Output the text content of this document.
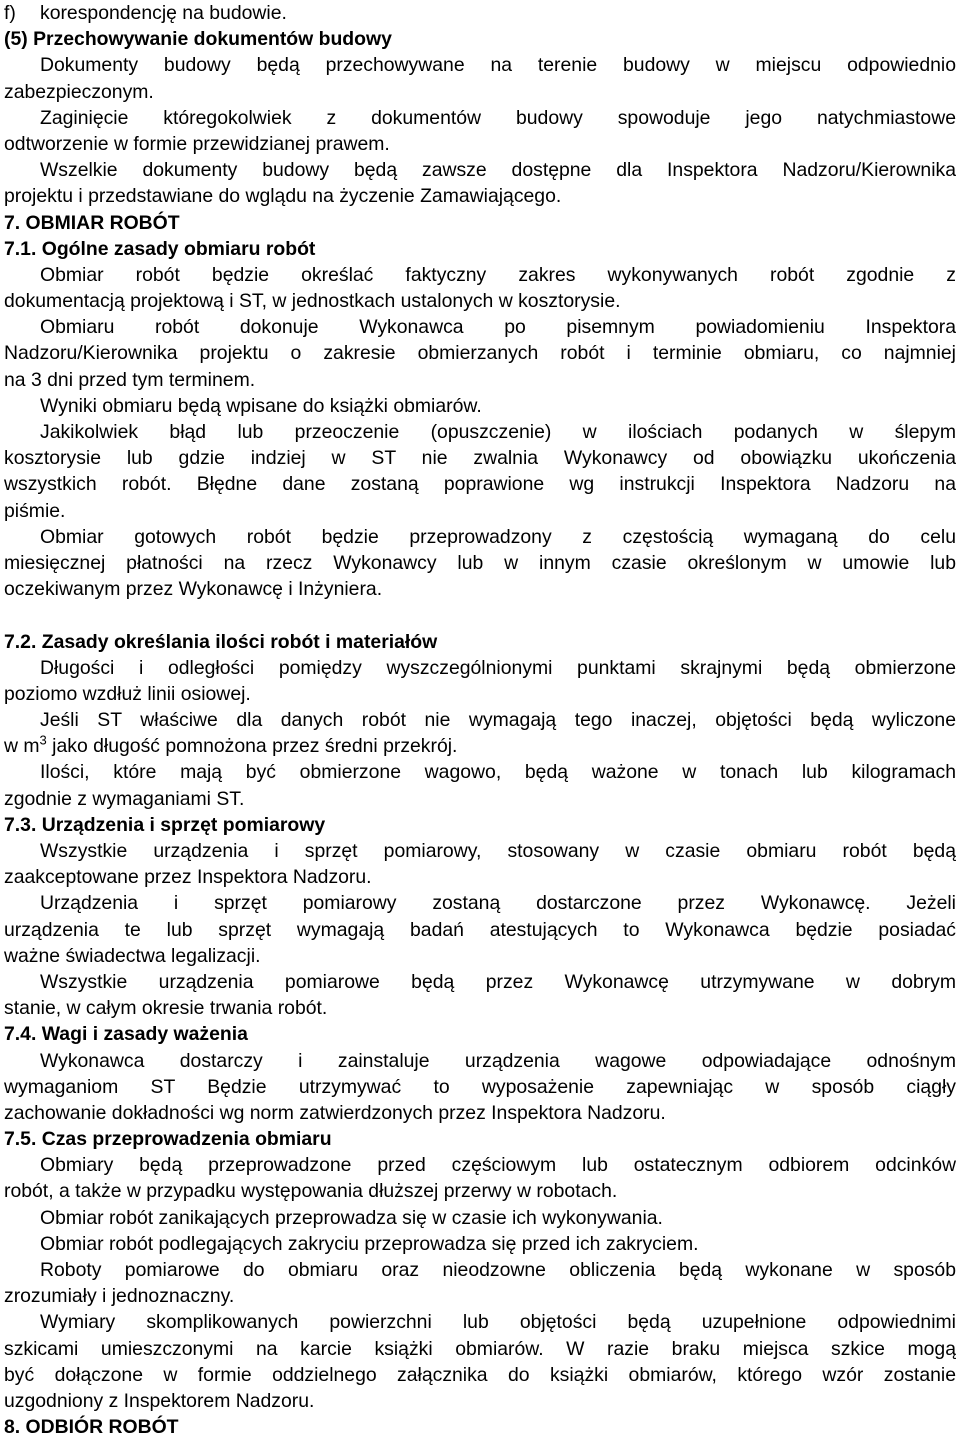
f) korespondencję na budowie.
(5) Przechowywanie dokumentów budowy
Dokumenty budowy będą przechowywane na terenie budowy w miejscu odpowiednio
zabezpieczonym.
Zaginięcie któregokolwiek z dokumentów budowy spowoduje jego natychmiastowe
odtworzenie w formie przewidzianej prawem.
Wszelkie dokumenty budowy będą zawsze dostępne dla Inspektora Nadzoru/Kierownika
projektu i przedstawiane do wglądu na życzenie Zamawiającego.
7. OBMIAR ROBÓT
7.1. Ogólne zasady obmiaru robót
Obmiar robót będzie określać faktyczny zakres wykonywanych robót zgodnie z
dokumentacją projektową i ST, w jednostkach ustalonych w kosztorysie.
Obmiaru robót dokonuje Wykonawca po pisemnym powiadomieniu Inspektora
Nadzoru/Kierownika projektu o zakresie obmierzanych robót i terminie obmiaru, co najmniej
na 3 dni przed tym terminem.
Wyniki obmiaru będą wpisane do książki obmiarów.
Jakikolwiek błąd lub przeoczenie (opuszczenie) w ilościach podanych w ślepym
kosztorysie lub gdzie indziej w ST nie zwalnia Wykonawcy od obowiązku ukończenia
wszystkich robót. Błędne dane zostaną poprawione wg instrukcji Inspektora Nadzoru na
piśmie.
Obmiar gotowych robót będzie przeprowadzony z częstością wymaganą do celu
miesięcznej płatności na rzecz Wykonawcy lub w innym czasie określonym w umowie lub
oczekiwanym przez Wykonawcę i Inżyniera.
7.2. Zasady określania ilości robót i materiałów
Długości i odległości pomiędzy wyszczególnionymi punktami skrajnymi będą obmierzone
poziomo wzdłuż linii osiowej.
Jeśli ST właściwe dla danych robót nie wymagają tego inaczej, objętości będą wyliczone
w $m^3$ jako długość pomnożona przez średni przekrój.
Ilości, które mają być obmierzone wagowo, będą ważone w tonach lub kilogramach
zgodnie z wymaganiami ST.
7.3. Urządzenia i sprzęt pomiarowy
Wszystkie urządzenia i sprzęt pomiarowy, stosowany w czasie obmiaru robót będą
zaakceptowane przez Inspektora Nadzoru.
Urządzenia i sprzęt pomiarowy zostaną dostarczone przez Wykonawcę. Jeżeli
urządzenia te lub sprzęt wymagają badań atestujących to Wykonawca będzie posiadać
ważne świadectwa legalizacji.
Wszystkie urządzenia pomiarowe będą przez Wykonawcę utrzymywane w dobrym
stanie, w całym okresie trwania robót.
7.4. Wagi i zasady ważenia
Wykonawca dostarczy i zainstaluje urządzenia wagowe odpowiadające odnośnym
wymaganiom ST Będzie utrzymywać to wyposażenie zapewniając w sposób ciągły
zachowanie dokładności wg norm zatwierdzonych przez Inspektora Nadzoru.
7.5. Czas przeprowadzenia obmiaru
Obmiary będą przeprowadzone przed częściowym lub ostatecznym odbiorem odcinków
robót, a także w przypadku występowania dłuższej przerwy w robotach.
Obmiar robót zanikających przeprowadza się w czasie ich wykonywania.
Obmiar robót podlegających zakryciu przeprowadza się przed ich zakryciem.
Roboty pomiarowe do obmiaru oraz nieodzowne obliczenia będą wykonane w sposób
zrozumiały i jednoznaczny.
Wymiary skomplikowanych powierzchni lub objętości będą uzupełnione odpowiednimi
szkicami umieszczonymi na karcie książki obmiarów. W razie braku miejsca szkice mogą
być dołączone w formie oddzielnego załącznika do książki obmiarów, którego wzór zostanie
uzgodniony z Inspektorem Nadzoru.
8. ODBIÓR ROBÓT
